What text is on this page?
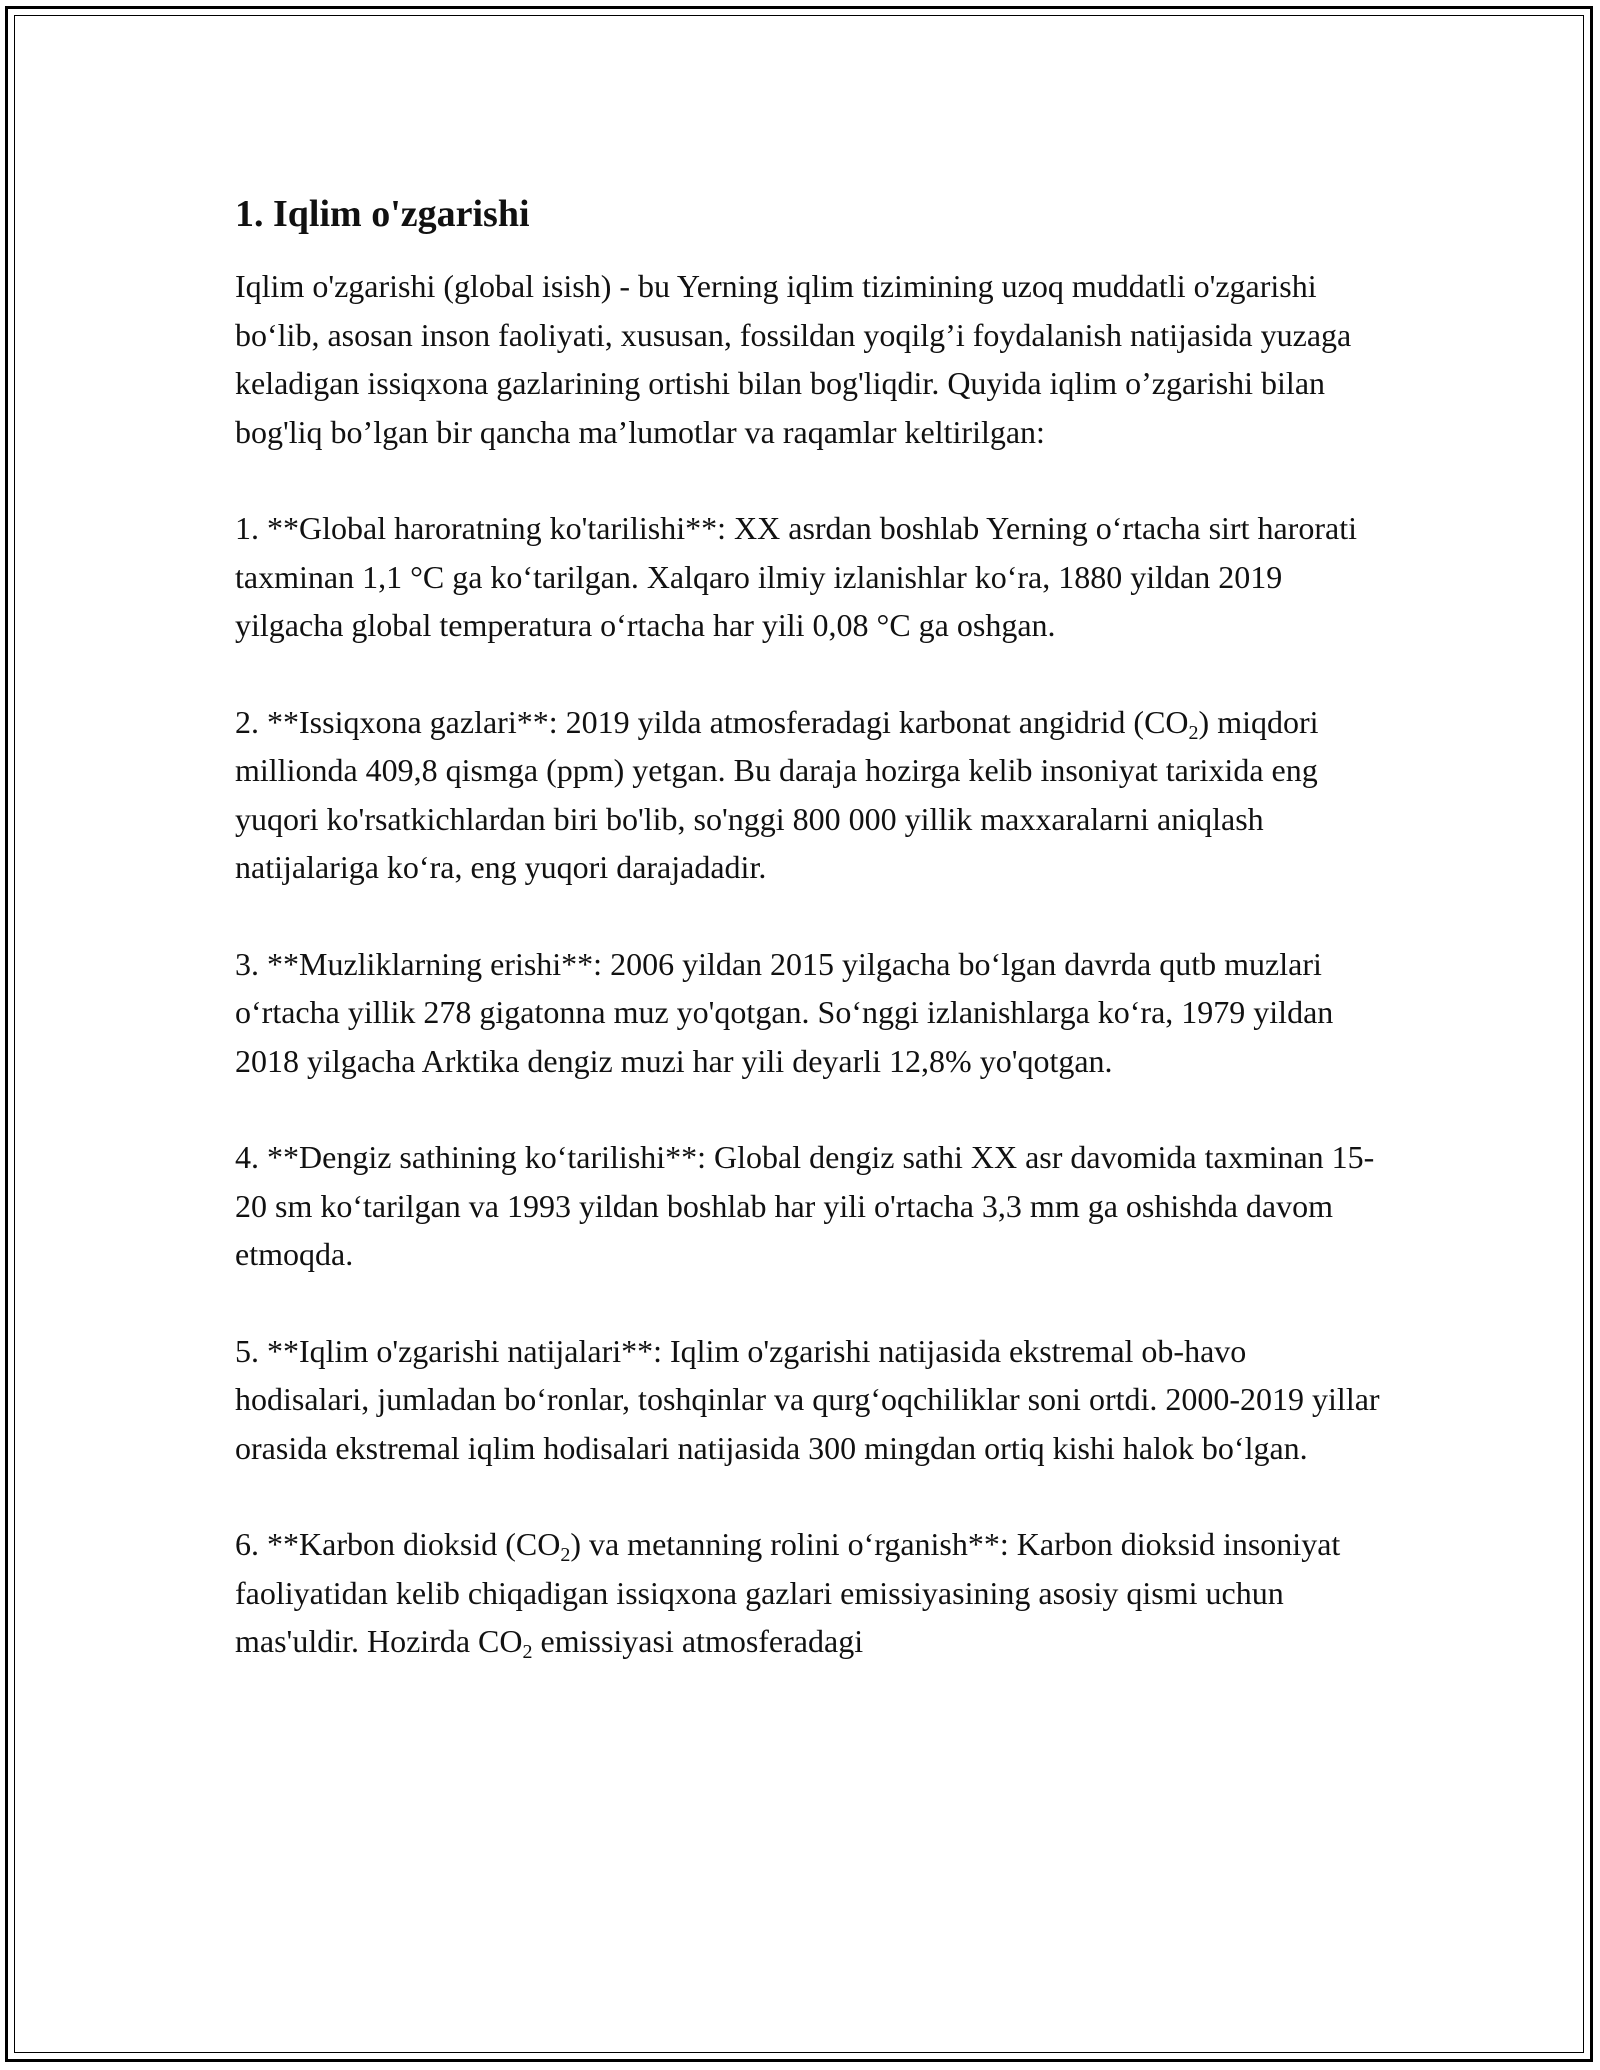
1. Iqlim o'zgarishi

Iqlim o'zgarishi (global isish) - bu Yerning iqlim tizimining uzoq muddatli o'zgarishi bo‘lib, asosan inson faoliyati, xususan, fossildan yoqilg’i foydalanish natijasida yuzaga keladigan issiqxona gazlarining ortishi bilan bog'liqdir. Quyida iqlim o’zgarishi bilan bog'liq bo’lgan bir qancha ma’lumotlar va raqamlar keltirilgan:

1. **Global haroratning ko'tarilishi**: XX asrdan boshlab Yerning o‘rtacha sirt harorati taxminan 1,1 °C ga ko‘tarilgan. Xalqaro ilmiy izlanishlar ko‘ra, 1880 yildan 2019 yilgacha global temperatura o‘rtacha har yili 0,08 °C ga oshgan.

2. **Issiqxona gazlari**: 2019 yilda atmosferadagi karbonat angidrid $(CO_2)$ miqdori millionda 409,8 qismga (ppm) yetgan. Bu daraja hozirga kelib insoniyat tarixida eng yuqori ko'rsatkichlardan biri bo'lib, so'nggi 800 000 yillik maxxaralarni aniqlash natijalariga ko‘ra, eng yuqori darajadadir.

3. **Muzliklarning erishi**: 2006 yildan 2015 yilgacha bo‘lgan davrda qutb muzlari o‘rtacha yillik 278 gigatonna muz yo'qotgan. So‘nggi izlanishlarga ko‘ra, 1979 yildan 2018 yilgacha Arktika dengiz muzi har yili deyarli 12,8% yo'qotgan.

4. **Dengiz sathining ko‘tarilishi**: Global dengiz sathi XX asr davomida taxminan 15-20 sm ko‘tarilgan va 1993 yildan boshlab har yili o'rtacha 3,3 mm ga oshishda davom etmoqda.

5. **Iqlim o'zgarishi natijalari**: Iqlim o'zgarishi natijasida ekstremal ob-havo hodisalari, jumladan bo‘ronlar, toshqinlar va qurg‘oqchiliklar soni ortdi. 2000-2019 yillar orasida ekstremal iqlim hodisalari natijasida 300 mingdan ortiq kishi halok bo‘lgan.

6. **Karbon dioksid $(CO_2)$ va metanning rolini o‘rganish**: Karbon dioksid insoniyat faoliyatidan kelib chiqadigan issiqxona gazlari emissiyasining asosiy qismi uchun mas'uldir. Hozirda $CO_2$ emissiyasi atmosferadagi
